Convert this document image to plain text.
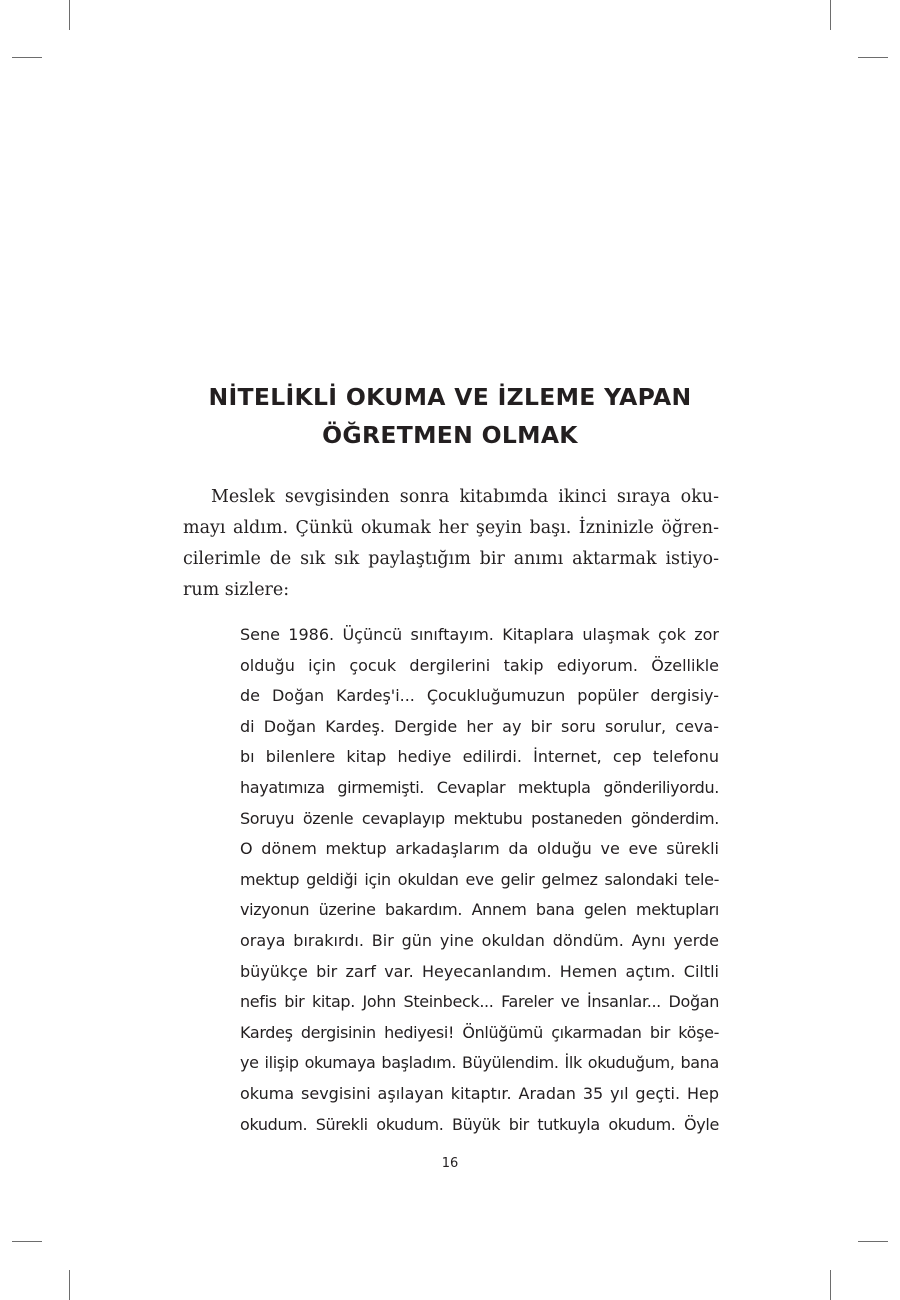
NİTELİKLİ OKUMA VE İZLEME YAPAN
ÖĞRETMEN OLMAK
Meslek sevgisinden sonra kitabımda ikinci sıraya oku-
mayı aldım. Çünkü okumak her şeyin başı. İzninizle öğren-
cilerimle de sık sık paylaştığım bir anımı aktarmak istiyo-
rum sizlere:
Sene 1986. Üçüncü sınıftayım. Kitaplara ulaşmak çok zor
olduğu için çocuk dergilerini takip ediyorum. Özellikle
de Doğan Kardeş'i... Çocukluğumuzun popüler dergisiy-
di Doğan Kardeş. Dergide her ay bir soru sorulur, ceva-
bı bilenlere kitap hediye edilirdi. İnternet, cep telefonu
hayatımıza girmemişti. Cevaplar mektupla gönderiliyordu.
Soruyu özenle cevaplayıp mektubu postaneden gönderdim.
O dönem mektup arkadaşlarım da olduğu ve eve sürekli
mektup geldiği için okuldan eve gelir gelmez salondaki tele-
vizyonun üzerine bakardım. Annem bana gelen mektupları
oraya bırakırdı. Bir gün yine okuldan döndüm. Aynı yerde
büyükçe bir zarf var. Heyecanlandım. Hemen açtım. Ciltli
nefis bir kitap. John Steinbeck... Fareler ve İnsanlar... Doğan
Kardeş dergisinin hediyesi! Önlüğümü çıkarmadan bir köşe-
ye ilişip okumaya başladım. Büyülendim. İlk okuduğum, bana
okuma sevgisini aşılayan kitaptır. Aradan 35 yıl geçti. Hep
okudum. Sürekli okudum. Büyük bir tutkuyla okudum. Öyle
16
